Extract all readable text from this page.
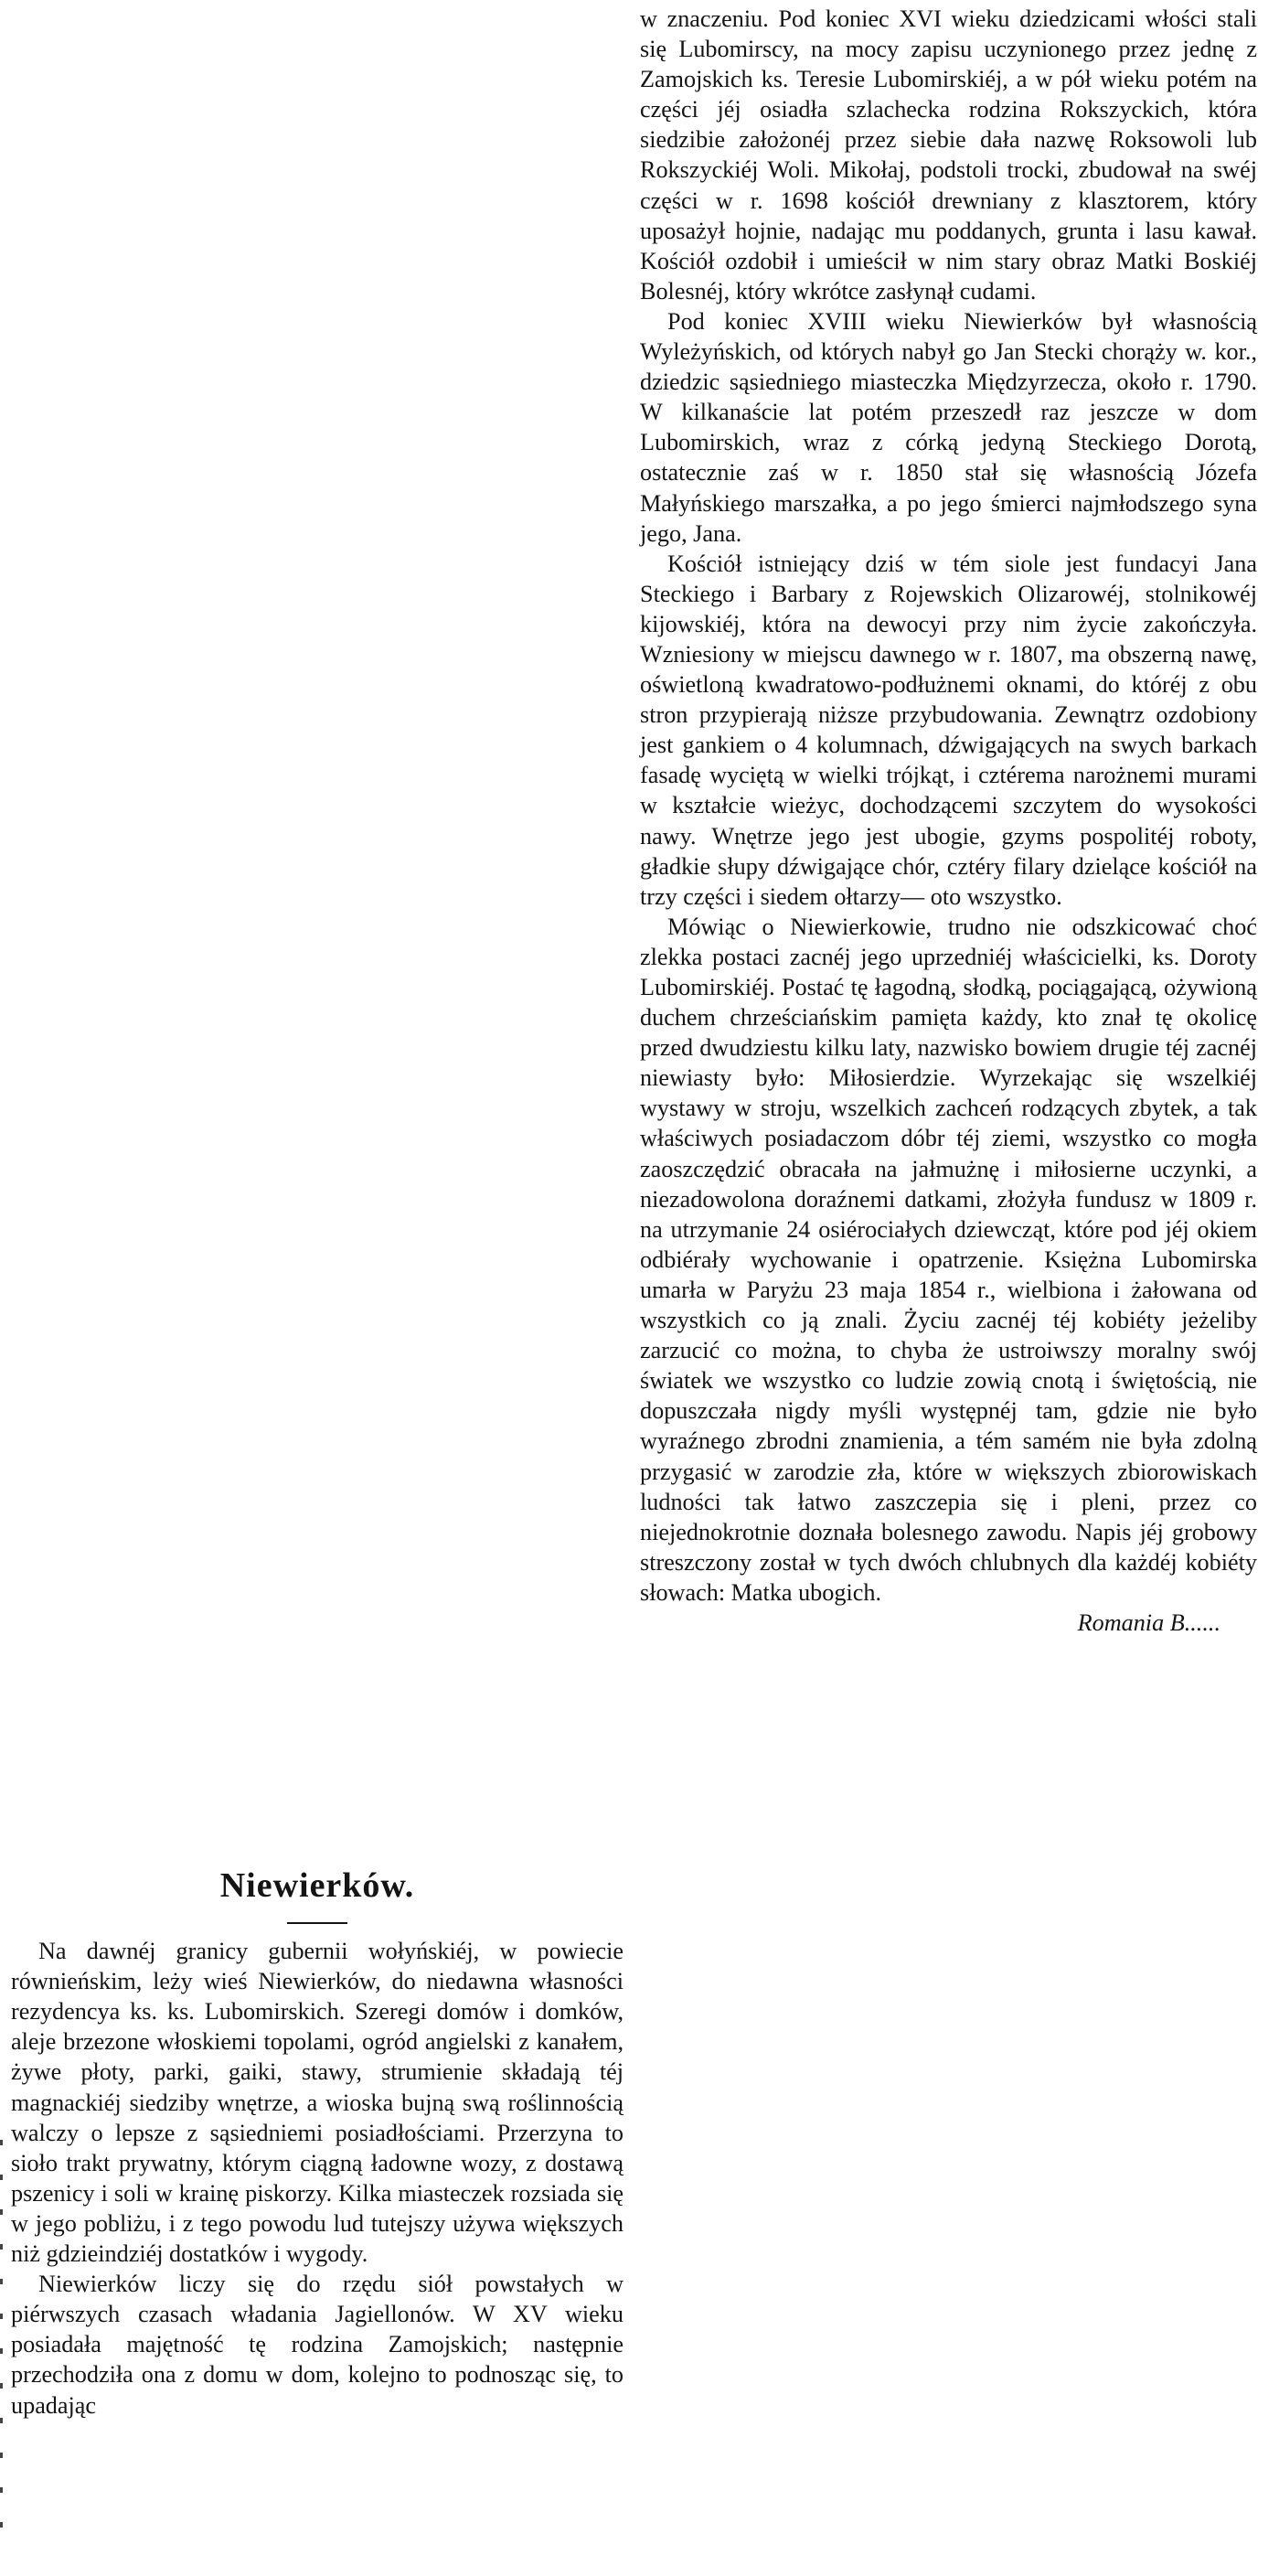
w znaczeniu. Pod koniec XVI wieku dziedzicami włości stali się Lubomirscy, na mocy zapisu uczynionego przez jednę z Zamojskich ks. Teresie Lubomirskiéj, a w pół wieku potém na części jéj osiadła szlachecka rodzina Rokszyckich, która siedzibie założonéj przez siebie dała nazwę Roksowoli lub Rokszyckiéj Woli. Mikołaj, podstoli trocki, zbudował na swéj części w r. 1698 kościół drewniany z klasztorem, który uposażył hojnie, nadając mu poddanych, grunta i lasu kawał. Kościół ozdobił i umieścił w nim stary obraz Matki Boskiéj Bolesnéj, który wkrótce zasłynął cudami.

Pod koniec XVIII wieku Niewierków był własnością Wyleżyńskich, od których nabył go Jan Stecki chorąży w. kor., dziedzic sąsiedniego miasteczka Międzyrzecza, około r. 1790. W kilkanaście lat potém przeszedł raz jeszcze w dom Lubomirskich, wraz z córką jedyną Steckiego Dorotą, ostatecznie zaś w r. 1850 stał się własnością Józefa Małyńskiego marszałka, a po jego śmierci najmłodszego syna jego, Jana.

Kościół istniejący dziś w tém siole jest fundacyi Jana Steckiego i Barbary z Rojewskich Olizarowéj, stolnikowéj kijowskiéj, która na dewocyi przy nim życie zakończyła. Wzniesiony w miejscu dawnego w r. 1807, ma obszerną nawę, oświetloną kwadratowo-podłużnemi oknami, do któréj z obu stron przypierają niższe przybudowania. Zewnątrz ozdobiony jest gankiem o 4 kolumnach, dźwigających na swych barkach fasadę wyciętą w wielki trójkąt, i cztérema narożnemi murami w kształcie wieżyc, dochodzącemi szczytem do wysokości nawy. Wnętrze jego jest ubogie, gzyms pospolitéj roboty, gładkie słupy dźwigające chór, cztéry filary dzielące kościół na trzy części i siedem ołtarzy— oto wszystko.

Mówiąc o Niewierkowie, trudno nie odszkicować choć zlekka postaci zacnéj jego uprzedniéj właścicielki, ks. Doroty Lubomirskiéj. Postać tę łagodną, słodką, pociągającą, ożywioną duchem chrześciańskim pamięta każdy, kto znał tę okolicę przed dwudziestu kilku laty, nazwisko bowiem drugie téj zacnéj niewiasty było: Miłosierdzie. Wyrzekając się wszelkiéj wystawy w stroju, wszelkich zachceń rodzących zbytek, a tak właściwych posiadaczom dóbr téj ziemi, wszystko co mogła zaoszczędzić obracała na jałmużnę i miłosierne uczynki, a niezadowolona doraźnemi datkami, złożyła fundusz w 1809 r. na utrzymanie 24 osiérociałych dziewcząt, które pod jéj okiem odbiérały wychowanie i opatrzenie. Księżna Lubomirska umarła w Paryżu 23 maja 1854 r., wielbiona i żałowana od wszystkich co ją znali. Życiu zacnéj téj kobiéty jeżeliby zarzucić co można, to chyba że ustroiwszy moralny swój światek we wszystko co ludzie zowią cnotą i świętością, nie dopuszczała nigdy myśli występnéj tam, gdzie nie było wyraźnego zbrodni znamienia, a tém samém nie była zdolną przygasić w zarodzie zła, które w większych zbiorowiskach ludności tak łatwo zaszczepia się i pleni, przez co niejednokrotnie doznała bolesnego zawodu. Napis jéj grobowy streszczony został w tych dwóch chlubnych dla każdéj kobiéty słowach: Matka ubogich.

Romania B......
Niewierków.

Na dawnéj granicy gubernii wołyńskiéj, w powiecie równieńskim, leży wieś Niewierków, do niedawna własności rezydencya ks. ks. Lubomirskich. Szeregi domów i domków, aleje brzezone włoskiemi topolami, ogród angielski z kanałem, żywe płoty, parki, gaiki, stawy, strumienie składają téj magnackiéj siedziby wnętrze, a wioska bujną swą roślinnością walczy o lepsze z sąsiedniemi posiadłościami. Przerzyna to sioło trakt prywatny, którym ciągną ładowne wozy, z dostawą pszenicy i soli w krainę piskorzy. Kilka miasteczek rozsiada się w jego pobliżu, i z tego powodu lud tutejszy używa większych niż gdzieindziéj dostatków i wygody.

Niewierków liczy się do rzędu siół powstałych w piérwszych czasach władania Jagiellonów. W XV wieku posiadała majętność tę rodzina Zamojskich; następnie przechodziła ona z domu w dom, kolejno to podnosząc się, to upadając
